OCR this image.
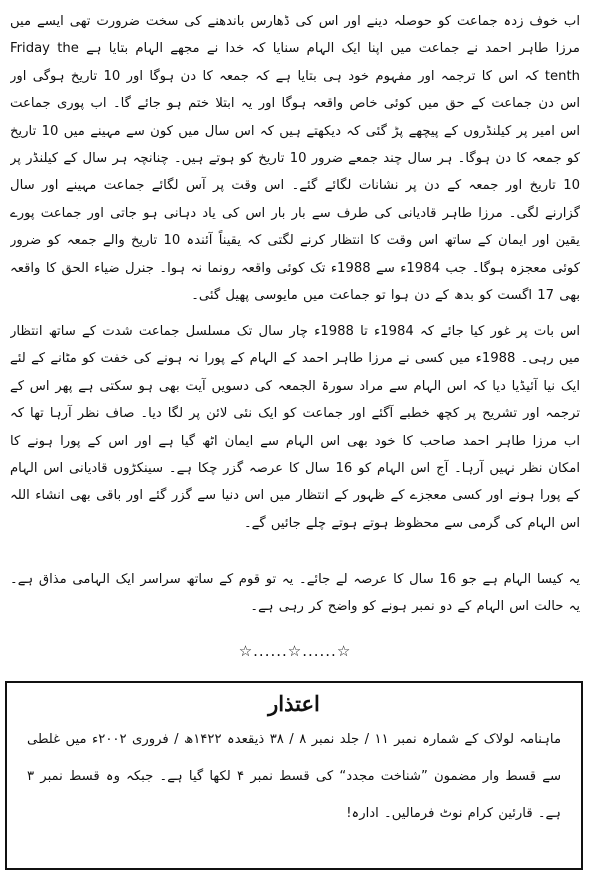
اب خوف زدہ جماعت کو حوصلہ دینے اور اس کی ڈھارس باندھنے کی سخت ضرورت تھی ایسے میں مرزا طاہر احمد نے جماعت میں اپنا ایک الہام سنایا کہ خدا نے مجھے الہام بتایا ہے Friday the tenth کہ اس کا ترجمہ اور مفہوم خود ہی بتایا ہے کہ جمعہ کا دن ہوگا اور 10 تاریخ ہوگی اور اس دن جماعت کے حق میں کوئی خاص واقعہ ہوگا اور یہ ابتلا ختم ہو جائے گا۔ اب پوری جماعت اس امیر پر کیلنڈروں کے پیچھے پڑ گئی کہ دیکھتے ہیں کہ اس سال میں کون سے مہینے میں 10 تاریخ کو جمعہ کا دن ہوگا۔ ہر سال چند جمعے ضرور 10 تاریخ کو ہوتے ہیں۔ چنانچہ ہر سال کے کیلنڈر پر 10 تاریخ اور جمعہ کے دن پر نشانات لگائے گئے۔ اس وقت پر آس لگائے جماعت مہینے اور سال گزارنے لگی۔ مرزا طاہر قادیانی کی طرف سے بار بار اس کی یاد دہانی ہو جاتی اور جماعت پورے یقین اور ایمان کے ساتھ اس وقت کا انتظار کرنے لگتی کہ یقیناً آئندہ 10 تاریخ والے جمعہ کو ضرور کوئی معجزہ ہوگا۔ جب 1984ء سے 1988ء تک کوئی واقعہ رونما نہ ہوا۔ جنرل ضیاء الحق کا واقعہ بھی 17 اگست کو بدھ کے دن ہوا تو جماعت میں مایوسی پھیل گئی۔

اس بات پر غور کیا جائے کہ 1984ء تا 1988ء چار سال تک مسلسل جماعت شدت کے ساتھ انتظار میں رہی۔ 1988ء میں کسی نے مرزا طاہر احمد کے الہام کے پورا نہ ہونے کی خفت کو مٹانے کے لئے ایک نیا آئیڈیا دیا کہ اس الہام سے مراد سورۃ الجمعہ کی دسویں آیت بھی ہو سکتی ہے پھر اس کے ترجمہ اور تشریح پر کچھ خطبے آگئے اور جماعت کو ایک نئی لائن پر لگا دیا۔ صاف نظر آرہا تھا کہ اب مرزا طاہر احمد صاحب کا خود بھی اس الہام سے ایمان اٹھ گیا ہے اور اس کے پورا ہونے کا امکان نظر نہیں آرہا۔ آج اس الہام کو 16 سال کا عرصہ گزر چکا ہے۔ سینکڑوں قادیانی اس الہام کے پورا ہونے اور کسی معجزے کے ظہور کے انتظار میں اس دنیا سے گزر گئے اور باقی بھی انشاء اللہ اس الہام کی گرمی سے محظوظ ہوتے ہوتے چلے جائیں گے۔

یہ کیسا الہام ہے جو 16 سال کا عرصہ لے جائے۔ یہ تو قوم کے ساتھ سراسر ایک الہامی مذاق ہے۔ یہ حالت اس الہام کے دو نمبر ہونے کو واضح کر رہی ہے۔

☆......☆......☆
اعتذار

ماہنامہ لولاک کے شمارہ نمبر ۱۱ / جلد نمبر ۸ / ۳۸ ذیقعدہ ۱۴۲۲ھ / فروری ۲۰۰۲ء میں غلطی سے قسط وار مضمون ”شناخت مجدد“ کی قسط نمبر ۴ لکھا گیا ہے۔ جبکہ وہ قسط نمبر ۳ ہے۔ قارئین کرام نوٹ فرمالیں۔ ادارہ!
